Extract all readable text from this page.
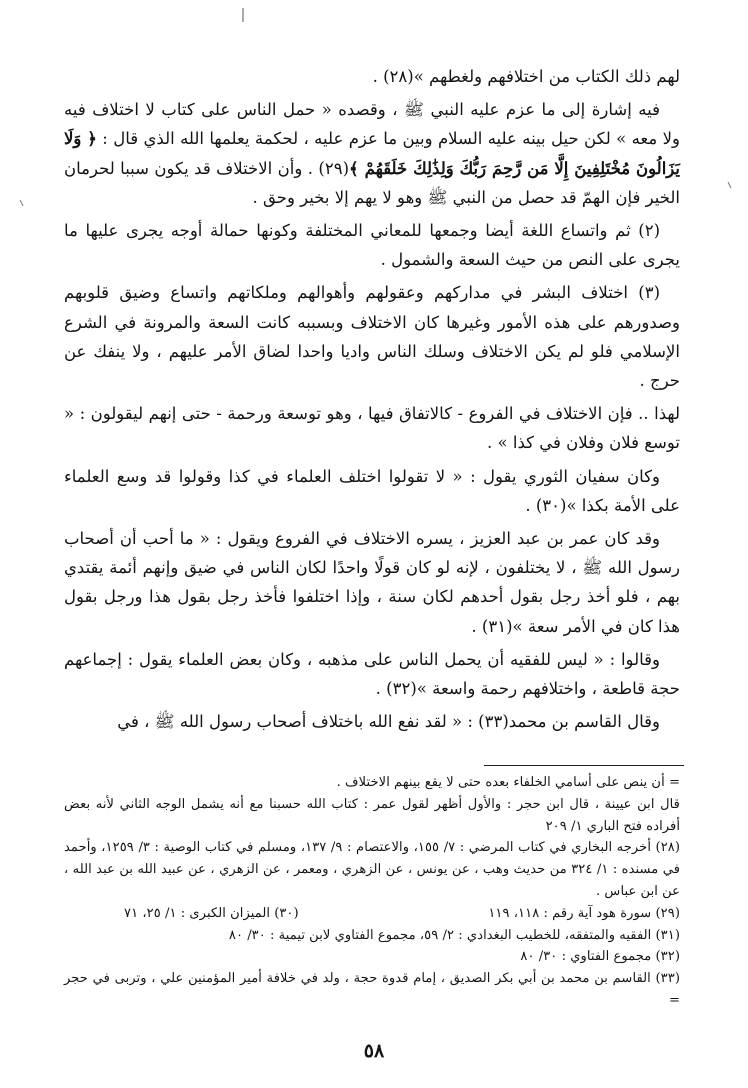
لهم ذلك الكتاب من اختلافهم ولغطهم »(٢٨) .

فيه إشارة إلى ما عزم عليه النبي ﷺ ، وقصده « حمل الناس على كتاب لا اختلاف فيه ولا معه » لكن حيل بينه عليه السلام وبين ما عزم عليه ، لحكمة يعلمها الله الذي قال : ﴿ وَلَا يَزَالُونَ مُخْتَلِفِينَ إِلَّا مَن رَّحِمَ رَبُّكَ وَلِذَٰلِكَ خَلَقَهُمْ ﴾(٢٩) . وأن الاختلاف قد يكون سببا لحرمان الخير فإن الهمّ قد حصل من النبي ﷺ وهو لا يهم إلا بخير وحق .

(٢) ثم واتساع اللغة أيضا وجمعها للمعاني المختلفة وكونها حمالة أوجه يجرى عليها ما يجرى على النص من حيث السعة والشمول .

(٣) اختلاف البشر في مداركهم وعقولهم وأهوالهم وملكاتهم واتساع وضيق قلوبهم وصدورهم على هذه الأمور وغيرها كان الاختلاف وبسببه كانت السعة والمرونة في الشرع الإسلامي فلو لم يكن الاختلاف وسلك الناس واديا واحدا لضاق الأمر عليهم ، ولا ينفك عن حرج .

لهذا .. فإن الاختلاف في الفروع - كالاتفاق فيها ، وهو توسعة ورحمة - حتى إنهم ليقولون : « توسع فلان وفلان في كذا » .

وكان سفيان الثوري يقول : « لا تقولوا اختلف العلماء في كذا وقولوا قد وسع العلماء على الأمة بكذا »(٣٠) .

وقد كان عمر بن عبد العزيز ، يسره الاختلاف في الفروع ويقول : « ما أحب أن أصحاب رسول الله ﷺ ، لا يختلفون ، لإنه لو كان قولًا واحدًا لكان الناس في ضيق وإنهم أئمة يقتدي بهم ، فلو أخذ رجل بقول أحدهم لكان سنة ، وإذا اختلفوا فأخذ رجل بقول هذا ورجل بقول هذا كان في الأمر سعة »(٣١) .

وقالوا : « ليس للفقيه أن يحمل الناس على مذهبه ، وكان بعض العلماء يقول : إجماعهم حجة قاطعة ، واختلافهم رحمة واسعة »(٣٢) .

وقال القاسم بن محمد(٣٣) : « لقد نفع الله باختلاف أصحاب رسول الله ﷺ ، في

= أن ينص على أسامي الخلفاء بعده حتى لا يقع بينهم الاختلاف .

قال ابن عيينة ، قال ابن حجر : والأول أظهر لقول عمر : كتاب الله حسبنا مع أنه يشمل الوجه الثاني لأنه بعض أفراده فتح الباري ١/ ٢٠٩

(٢٨) أخرجه البخاري في كتاب المرضي : ٧/ ١٥٥، والاعتصام : ٩/ ١٣٧، ومسلم في كتاب الوصية : ٣/ ١٢٥٩، وأحمد في مسنده : ١/ ٣٢٤ من حديث وهب ، عن يونس ، عن الزهري ، ومعمر ، عن الزهري ، عن عبيد الله بن عبد الله ، عن ابن عباس .

(٢٩) سورة هود آية رقم : ١١٨، ١١٩
(٣٠) الميزان الكبرى : ١/ ٢٥، ٧١

(٣١) الفقيه والمتفقه، للخطيب البغدادي : ٢/ ٥٩، مجموع الفتاوي لابن تيمية : ٣٠/ ٨٠

(٣٢) مجموع الفتاوي : ٣٠/ ٨٠

(٣٣) القاسم بن محمد بن أبي بكر الصديق ، إمام قدوة حجة ، ولد في خلافة أمير المؤمنين علي ، وتربى في حجر =

٥٨
